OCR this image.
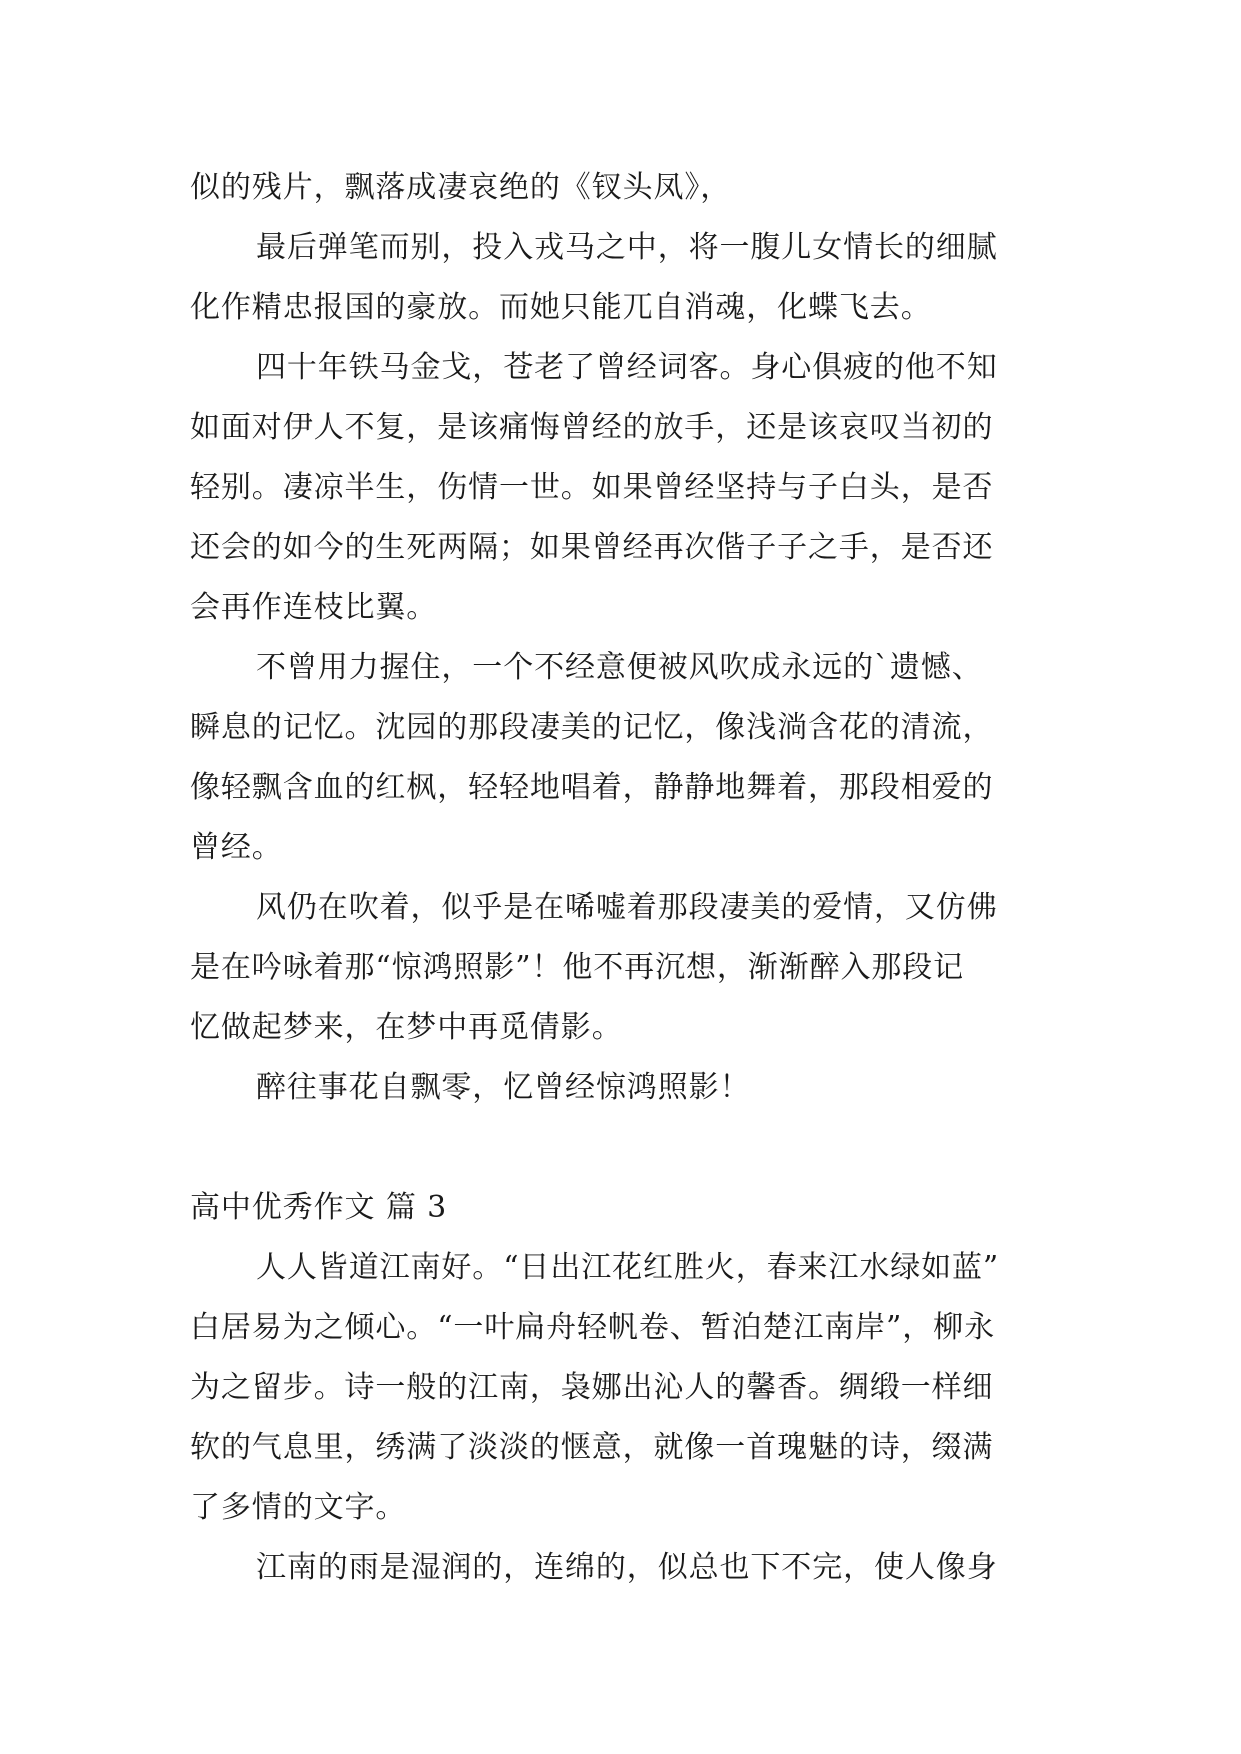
似的残片，飘落成凄哀绝的《钗头凤》，
最后弹笔而别，投入戎马之中，将一腹儿女情长的细腻
化作精忠报国的豪放。而她只能兀自消魂，化蝶飞去。
四十年铁马金戈，苍老了曾经词客。身心俱疲的他不知
如面对伊人不复，是该痛悔曾经的放手，还是该哀叹当初的
轻别。凄凉半生，伤情一世。如果曾经坚持与子白头，是否
还会的如今的生死两隔；如果曾经再次偕子子之手，是否还
会再作连枝比翼。
不曾用力握住，一个不经意便被风吹成永远的`遗憾、
瞬息的记忆。沈园的那段凄美的记忆，像浅淌含花的清流，
像轻飘含血的红枫，轻轻地唱着，静静地舞着，那段相爱的
曾经。
风仍在吹着，似乎是在唏嘘着那段凄美的爱情，又仿佛
是在吟咏着那“惊鸿照影”！他不再沉想，渐渐醉入那段记
忆做起梦来，在梦中再觅倩影。
醉往事花自飘零，忆曾经惊鸿照影！
高中优秀作文 篇 3
人人皆道江南好。“日出江花红胜火，春来江水绿如蓝”
白居易为之倾心。“一叶扁舟轻帆卷、暂泊楚江南岸”，柳永
为之留步。诗一般的江南，袅娜出沁人的馨香。绸缎一样细
软的气息里，绣满了淡淡的惬意，就像一首瑰魅的诗，缀满
了多情的文字。
江南的雨是湿润的，连绵的，似总也下不完，使人像身
